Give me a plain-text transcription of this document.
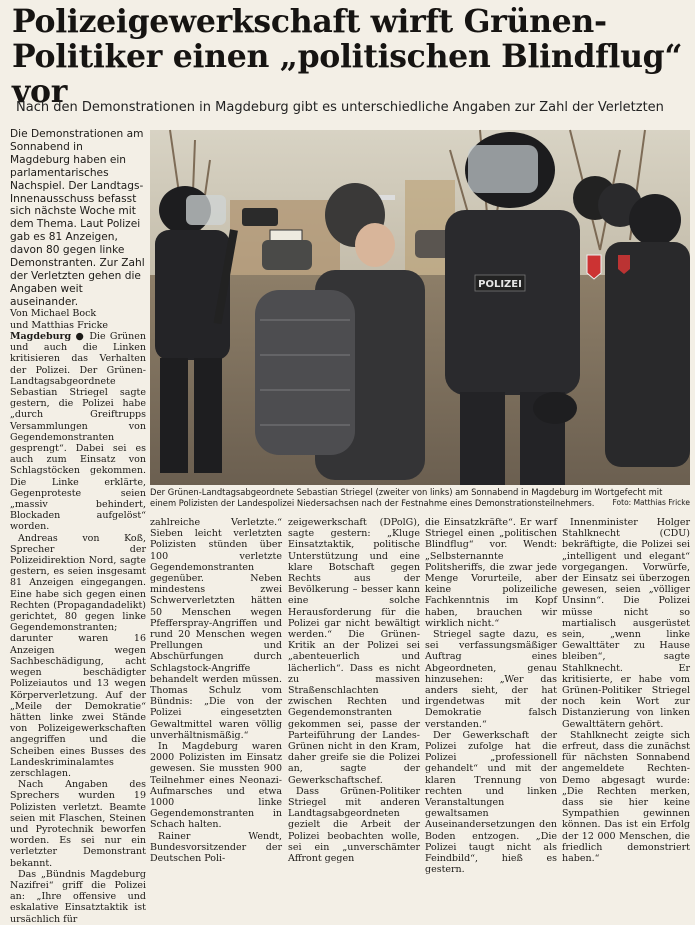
Polizeigewerkschaft wirft Grünen-Politiker einen „politischen Blindflug“ vor
Nach den Demonstrationen in Magdeburg gibt es unterschiedliche Angaben zur Zahl der Verletzten
Die Demonstrationen am Sonnabend in Magdeburg haben ein parlamentarisches Nachspiel. Der Landtags-Innenausschuss befasst sich nächste Woche mit dem Thema. Laut Polizei gab es 81 Anzeigen, davon 80 gegen linke Demonstranten. Zur Zahl der Verletzten gehen die Angaben weit auseinander.
Von Michael Bock
und Matthias Fricke

Magdeburg ● Die Grünen und auch die Linken kritisieren das Verhalten der Polizei. Der Grünen-Landtagsabgeordnete Sebastian Striegel sagte gestern, die Polizei habe „durch Greiftrupps Versammlungen von Gegendemonstranten gesprengt“. Dabei sei es auch zum Einsatz von Schlagstöcken gekommen. Die Linke erklärte, Gegenproteste seien „massiv behindert, Blockaden aufgelöst“ worden.

Andreas von Koß, Sprecher der Polizeidirektion Nord, sagte gestern, es seien insgesamt 81 Anzeigen eingegangen. Eine habe sich gegen einen Rechten (Propagandadelikt) gerichtet, 80 gegen linke Gegendemonstranten; darunter waren 16 Anzeigen wegen Sachbeschädigung, acht wegen beschädigter Polizeiautos und 13 wegen Körperverletzung. Auf der „Meile der Demokratie“ hätten linke zwei Stände von Polizeigewerkschaften angegriffen und die Scheiben eines Busses des Landeskriminalamtes zerschlagen.

Nach Angaben des Sprechers wurden 19 Polizisten verletzt. Beamte seien mit Flaschen, Steinen und Pyrotechnik beworfen worden. Es sei nur ein verletzter Demonstrant bekannt.

Das „Bündnis Magdeburg Nazifrei“ griff die Polizei an: „Ihre offensive und eskalative Einsatztaktik ist ursächlich für

POLIZEI
Der Grünen-Landtagsabgeordnete Sebastian Striegel (zweiter von links) am Sonnabend in Magdeburg im Wortgefecht mit einem Polizisten der Landespolizei Niedersachsen nach der Festnahme eines Demonstrationsteilnehmers. Foto: Matthias Fricke

zahlreiche Verletzte.“ Sieben leicht verletzten Polizisten stünden über 100 verletzte Gegendemonstranten gegenüber. Neben mindestens zwei Schwerverletzten hätten 50 Menschen wegen Pfefferspray-Angriffen und rund 20 Menschen wegen Prellungen und Abschürfungen durch Schlagstock-Angriffe behandelt werden müssen. Thomas Schulz vom Bündnis: „Die von der Polizei eingesetzten Gewaltmittel waren völlig unverhältnismäßig.“

In Magdeburg waren 2000 Polizisten im Einsatz gewesen. Sie mussten 900 Teilnehmer eines Neonazi-Aufmarsches und etwa 1000 linke Gegendemonstranten in Schach halten.

Rainer Wendt, Bundesvorsitzender der Deutschen Poli-

zeigewerkschaft (DPolG), sagte gestern: „Kluge Einsatztaktik, politische Unterstützung und eine klare Botschaft gegen Rechts aus der Bevölkerung – besser kann eine solche Herausforderung für die Polizei gar nicht bewältigt werden.“ Die Grünen-Kritik an der Polizei sei „abenteuerlich und lächerlich“. Dass es nicht zu massiven Straßenschlachten zwischen Rechten und Gegendemonstranten gekommen sei, passe der Parteiführung der Landes-Grünen nicht in den Kram, daher greife sie die Polizei an, sagte der Gewerkschaftschef.

Dass Grünen-Politiker Striegel mit anderen Landtagsabgeordneten gezielt die Arbeit der Polizei beobachten wolle, sei ein „unverschämter Affront gegen

die Einsatzkräfte“. Er warf Striegel einen „politischen Blindflug“ vor. Wendt: „Selbsternannte Politsheriffs, die zwar jede Menge Vorurteile, aber keine polizeiliche Fachkenntnis im Kopf haben, brauchen wir wirklich nicht.“

Striegel sagte dazu, es sei verfassungsmäßiger Auftrag eines Abgeordneten, genau hinzusehen: „Wer das anders sieht, der hat irgendetwas mit der Demokratie falsch verstanden.“

Der Gewerkschaft der Polizei zufolge hat die Polizei „professionell gehandelt“ und mit der klaren Trennung von rechten und linken Veranstaltungen gewaltsamen Auseinandersetzungen den Boden entzogen. „Die Polizei taugt nicht als Feindbild“, hieß es gestern.

Innenminister Holger Stahlknecht (CDU) bekräftigte, die Polizei sei „intelligent und elegant“ vorgegangen. Vorwürfe, der Einsatz sei überzogen gewesen, seien „völliger Unsinn“. Die Polizei müsse nicht so martialisch ausgerüstet sein, „wenn linke Gewalttäter zu Hause bleiben“, sagte Stahlknecht. Er kritisierte, er habe vom Grünen-Politiker Striegel noch kein Wort zur Distanzierung von linken Gewalttätern gehört.

Stahlknecht zeigte sich erfreut, dass die zunächst für nächsten Sonnabend angemeldete Rechten-Demo abgesagt wurde: „Die Rechten merken, dass sie hier keine Sympathien gewinnen können. Das ist ein Erfolg der 12 000 Menschen, die friedlich demonstriert haben.“
